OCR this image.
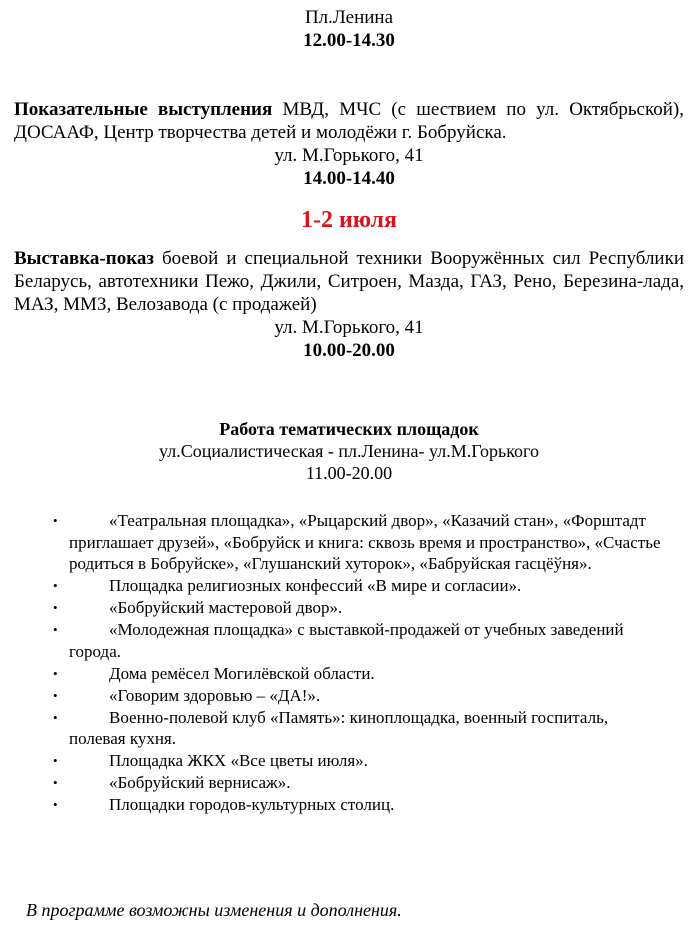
Пл.Ленина
12.00-14.30
Показательные выступления МВД, МЧС (с шествием по ул. Октябрьской), ДОСААФ, Центр творчества детей и молодёжи г. Бобруйска.
ул. М.Горького, 41
14.00-14.40
1-2 июля
Выставка-показ боевой и специальной техники Вооружённых сил Республики Беларусь, автотехники Пежо, Джили, Ситроен, Мазда, ГАЗ, Рено, Березина-лада, МАЗ, ММЗ, Велозавода (с продажей)
ул. М.Горького, 41
10.00-20.00
Работа тематических площадок
ул.Социалистическая - пл.Ленина- ул.М.Горького
11.00-20.00
•	«Театральная площадка», «Рыцарский двор», «Казачий стан», «Форштадт приглашает друзей», «Бобруйск и книга: сквозь время и пространство», «Счастье родиться в Бобруйске», «Глушанский хуторок», «Бабруйская гасцёўня».
•	Площадка религиозных конфессий «В мире и согласии».
•	«Бобруйский мастеровой двор».
•	«Молодежная площадка» с выставкой-продажей от учебных заведений города.
•	Дома ремёсел Могилёвской области.
•	«Говорим здоровью – «ДА!».
•	Военно-полевой клуб «Память»: киноплощадка, военный госпиталь, полевая кухня.
•	Площадка ЖКХ «Все цветы июля».
•	«Бобруйский вернисаж».
•	Площадки городов-культурных столиц.
В программе возможны изменения и дополнения.
